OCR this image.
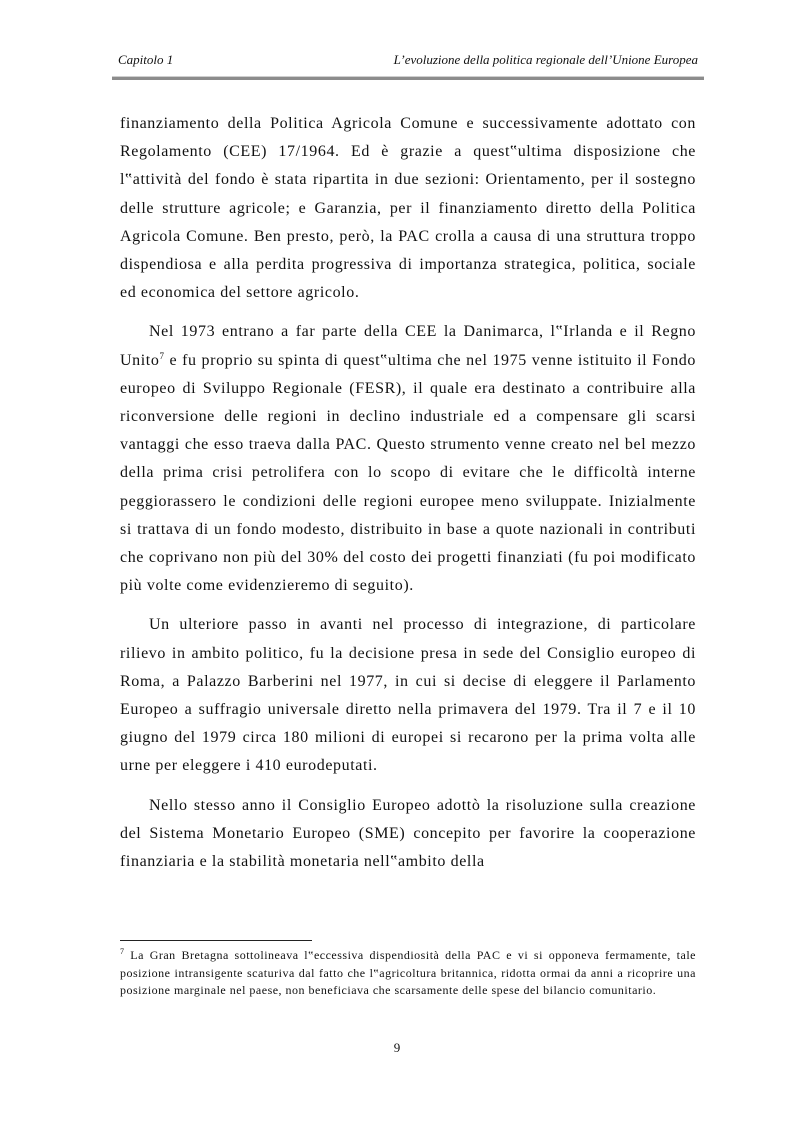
Capitolo 1	L’evoluzione della politica regionale dell’Unione Europea

finanziamento della Politica Agricola Comune e successivamente adottato con Regolamento (CEE) 17/1964. Ed è grazie a quest‟ultima disposizione che l‟attività del fondo è stata ripartita in due sezioni: Orientamento, per il sostegno delle strutture agricole; e Garanzia, per il finanziamento diretto della Politica Agricola Comune. Ben presto, però, la PAC crolla a causa di una struttura troppo dispendiosa e alla perdita progressiva di importanza strategica, politica, sociale ed economica del settore agricolo.

Nel 1973 entrano a far parte della CEE la Danimarca, l‟Irlanda e il Regno Unito$^7$ e fu proprio su spinta di quest‟ultima che nel 1975 venne istituito il Fondo europeo di Sviluppo Regionale (FESR), il quale era destinato a contribuire alla riconversione delle regioni in declino industriale ed a compensare gli scarsi vantaggi che esso traeva dalla PAC. Questo strumento venne creato nel bel mezzo della prima crisi petrolifera con lo scopo di evitare che le difficoltà interne peggiorassero le condizioni delle regioni europee meno sviluppate. Inizialmente si trattava di un fondo modesto, distribuito in base a quote nazionali in contributi che coprivano non più del 30% del costo dei progetti finanziati (fu poi modificato più volte come evidenzieremo di seguito).

Un ulteriore passo in avanti nel processo di integrazione, di particolare rilievo in ambito politico, fu la decisione presa in sede del Consiglio europeo di Roma, a Palazzo Barberini nel 1977, in cui si decise di eleggere il Parlamento Europeo a suffragio universale diretto nella primavera del 1979. Tra il 7 e il 10 giugno del 1979 circa 180 milioni di europei si recarono per la prima volta alle urne per eleggere i 410 eurodeputati.

Nello stesso anno il Consiglio Europeo adottò la risoluzione sulla creazione del Sistema Monetario Europeo (SME) concepito per favorire la cooperazione finanziaria e la stabilità monetaria nell‟ambito della

$^7$ La Gran Bretagna sottolineava l‟eccessiva dispendiosità della PAC e vi si opponeva fermamente, tale posizione intransigente scaturiva dal fatto che l‟agricoltura britannica, ridotta ormai da anni a ricoprire una posizione marginale nel paese, non beneficiava che scarsamente delle spese del bilancio comunitario.
9
